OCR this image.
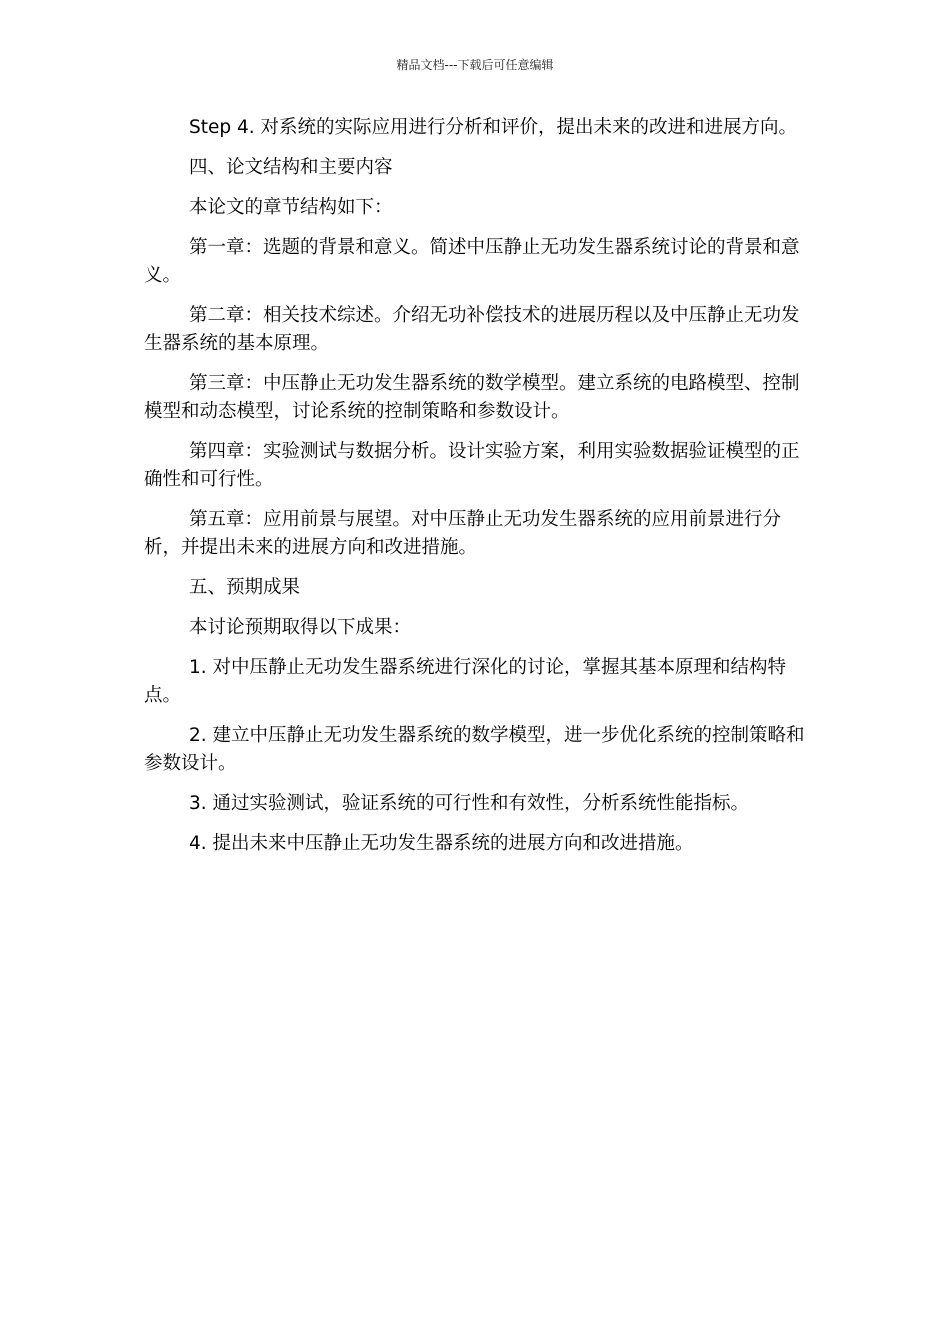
精品文档---下载后可任意编辑

Step 4. 对系统的实际应用进行分析和评价，提出未来的改进和进展方向。

四、论文结构和主要内容

本论文的章节结构如下：

第一章：选题的背景和意义。简述中压静止无功发生器系统讨论的背景和意义。

第二章：相关技术综述。介绍无功补偿技术的进展历程以及中压静止无功发生器系统的基本原理。

第三章：中压静止无功发生器系统的数学模型。建立系统的电路模型、控制模型和动态模型，讨论系统的控制策略和参数设计。

第四章：实验测试与数据分析。设计实验方案，利用实验数据验证模型的正确性和可行性。

第五章：应用前景与展望。对中压静止无功发生器系统的应用前景进行分析，并提出未来的进展方向和改进措施。

五、预期成果

本讨论预期取得以下成果：

1. 对中压静止无功发生器系统进行深化的讨论，掌握其基本原理和结构特点。

2. 建立中压静止无功发生器系统的数学模型，进一步优化系统的控制策略和参数设计。

3. 通过实验测试，验证系统的可行性和有效性，分析系统性能指标。

4. 提出未来中压静止无功发生器系统的进展方向和改进措施。
